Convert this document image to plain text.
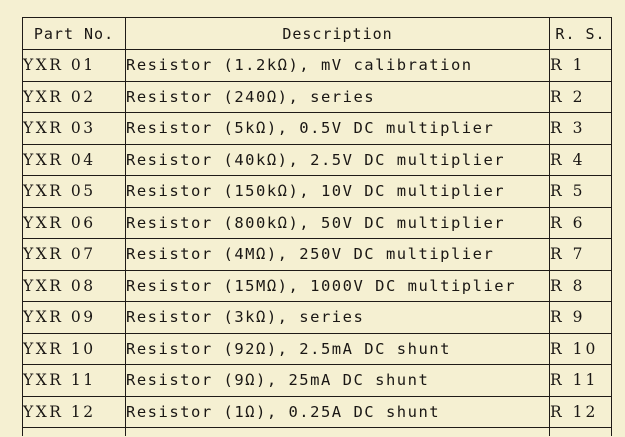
Part No.	Description	R. S.
YXR 01	Resistor (1.2kΩ), mV calibration	R 1
YXR 02	Resistor (240Ω), series	R 2
YXR 03	Resistor (5kΩ), 0.5V DC multiplier	R 3
YXR 04	Resistor (40kΩ), 2.5V DC multiplier	R 4
YXR 05	Resistor (150kΩ), 10V DC multiplier	R 5
YXR 06	Resistor (800kΩ), 50V DC multiplier	R 6
YXR 07	Resistor (4MΩ), 250V DC multiplier	R 7
YXR 08	Resistor (15MΩ), 1000V DC multiplier	R 8
YXR 09	Resistor (3kΩ), series	R 9
YXR 10	Resistor (92Ω), 2.5mA DC shunt	R 10
YXR 11	Resistor (9Ω), 25mA DC shunt	R 11
YXR 12	Resistor (1Ω), 0.25A DC shunt	R 12
